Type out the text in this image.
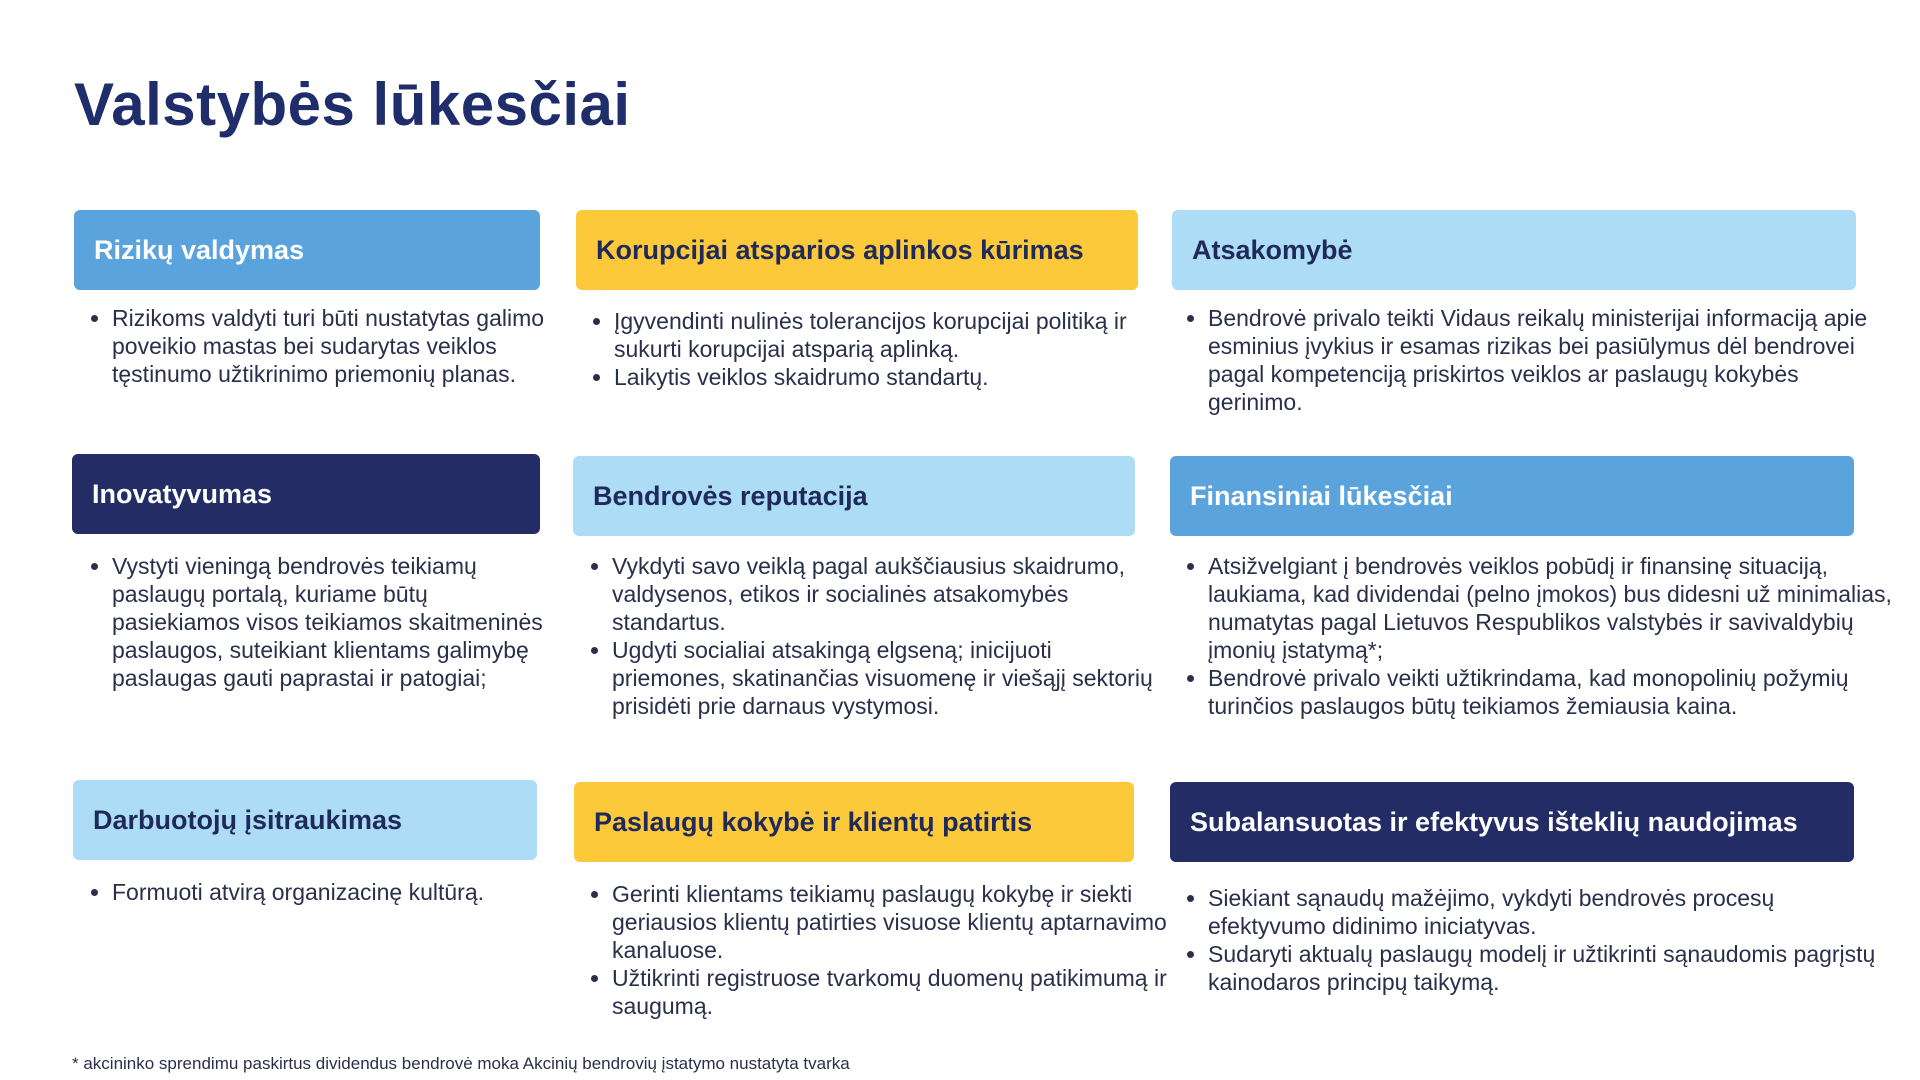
Valstybės lūkesčiai
Rizikų valdymas
• Rizikoms valdyti turi būti nustatytas galimo poveikio mastas bei sudarytas veiklos tęstinumo užtikrinimo priemonių planas.
Korupcijai atsparios aplinkos kūrimas
• Įgyvendinti nulinės tolerancijos korupcijai politiką ir sukurti korupcijai atsparią aplinką.
• Laikytis veiklos skaidrumo standartų.
Atsakomybė
• Bendrovė privalo teikti Vidaus reikalų ministerijai informaciją apie esminius įvykius ir esamas rizikas bei pasiūlymus dėl bendrovei pagal kompetenciją priskirtos veiklos ar paslaugų kokybės gerinimo.
Inovatyvumas
• Vystyti vieningą bendrovės teikiamų paslaugų portalą, kuriame būtų pasiekiamos visos teikiamos skaitmeninės paslaugos, suteikiant klientams galimybę paslaugas gauti paprastai ir patogiai;
Bendrovės reputacija
• Vykdyti savo veiklą pagal aukščiausius skaidrumo, valdysenos, etikos ir socialinės atsakomybės standartus.
• Ugdyti socialiai atsakingą elgseną; inicijuoti priemones, skatinančias visuomenę ir viešąjį sektorių prisidėti prie darnaus vystymosi.
Finansiniai lūkesčiai
• Atsižvelgiant į bendrovės veiklos pobūdį ir finansinę situaciją, laukiama, kad dividendai (pelno įmokos) bus didesni už minimalias, numatytas pagal Lietuvos Respublikos valstybės ir savivaldybių įmonių įstatymą*;
• Bendrovė privalo veikti užtikrindama, kad monopolinių požymių turinčios paslaugos būtų teikiamos žemiausia kaina.
Darbuotojų įsitraukimas
• Formuoti atvirą organizacinę kultūrą.
Paslaugų kokybė ir klientų patirtis
• Gerinti klientams teikiamų paslaugų kokybę ir siekti geriausios klientų patirties visuose klientų aptarnavimo kanaluose.
• Užtikrinti registruose tvarkomų duomenų patikimumą ir saugumą.
Subalansuotas ir efektyvus išteklių naudojimas
• Siekiant sąnaudų mažėjimo, vykdyti bendrovės procesų efektyvumo didinimo iniciatyvas.
• Sudaryti aktualų paslaugų modelį ir užtikrinti sąnaudomis pagrįstų kainodaros principų taikymą.
* akcininko sprendimu paskirtus dividendus bendrovė moka Akcinių bendrovių įstatymo nustatyta tvarka
